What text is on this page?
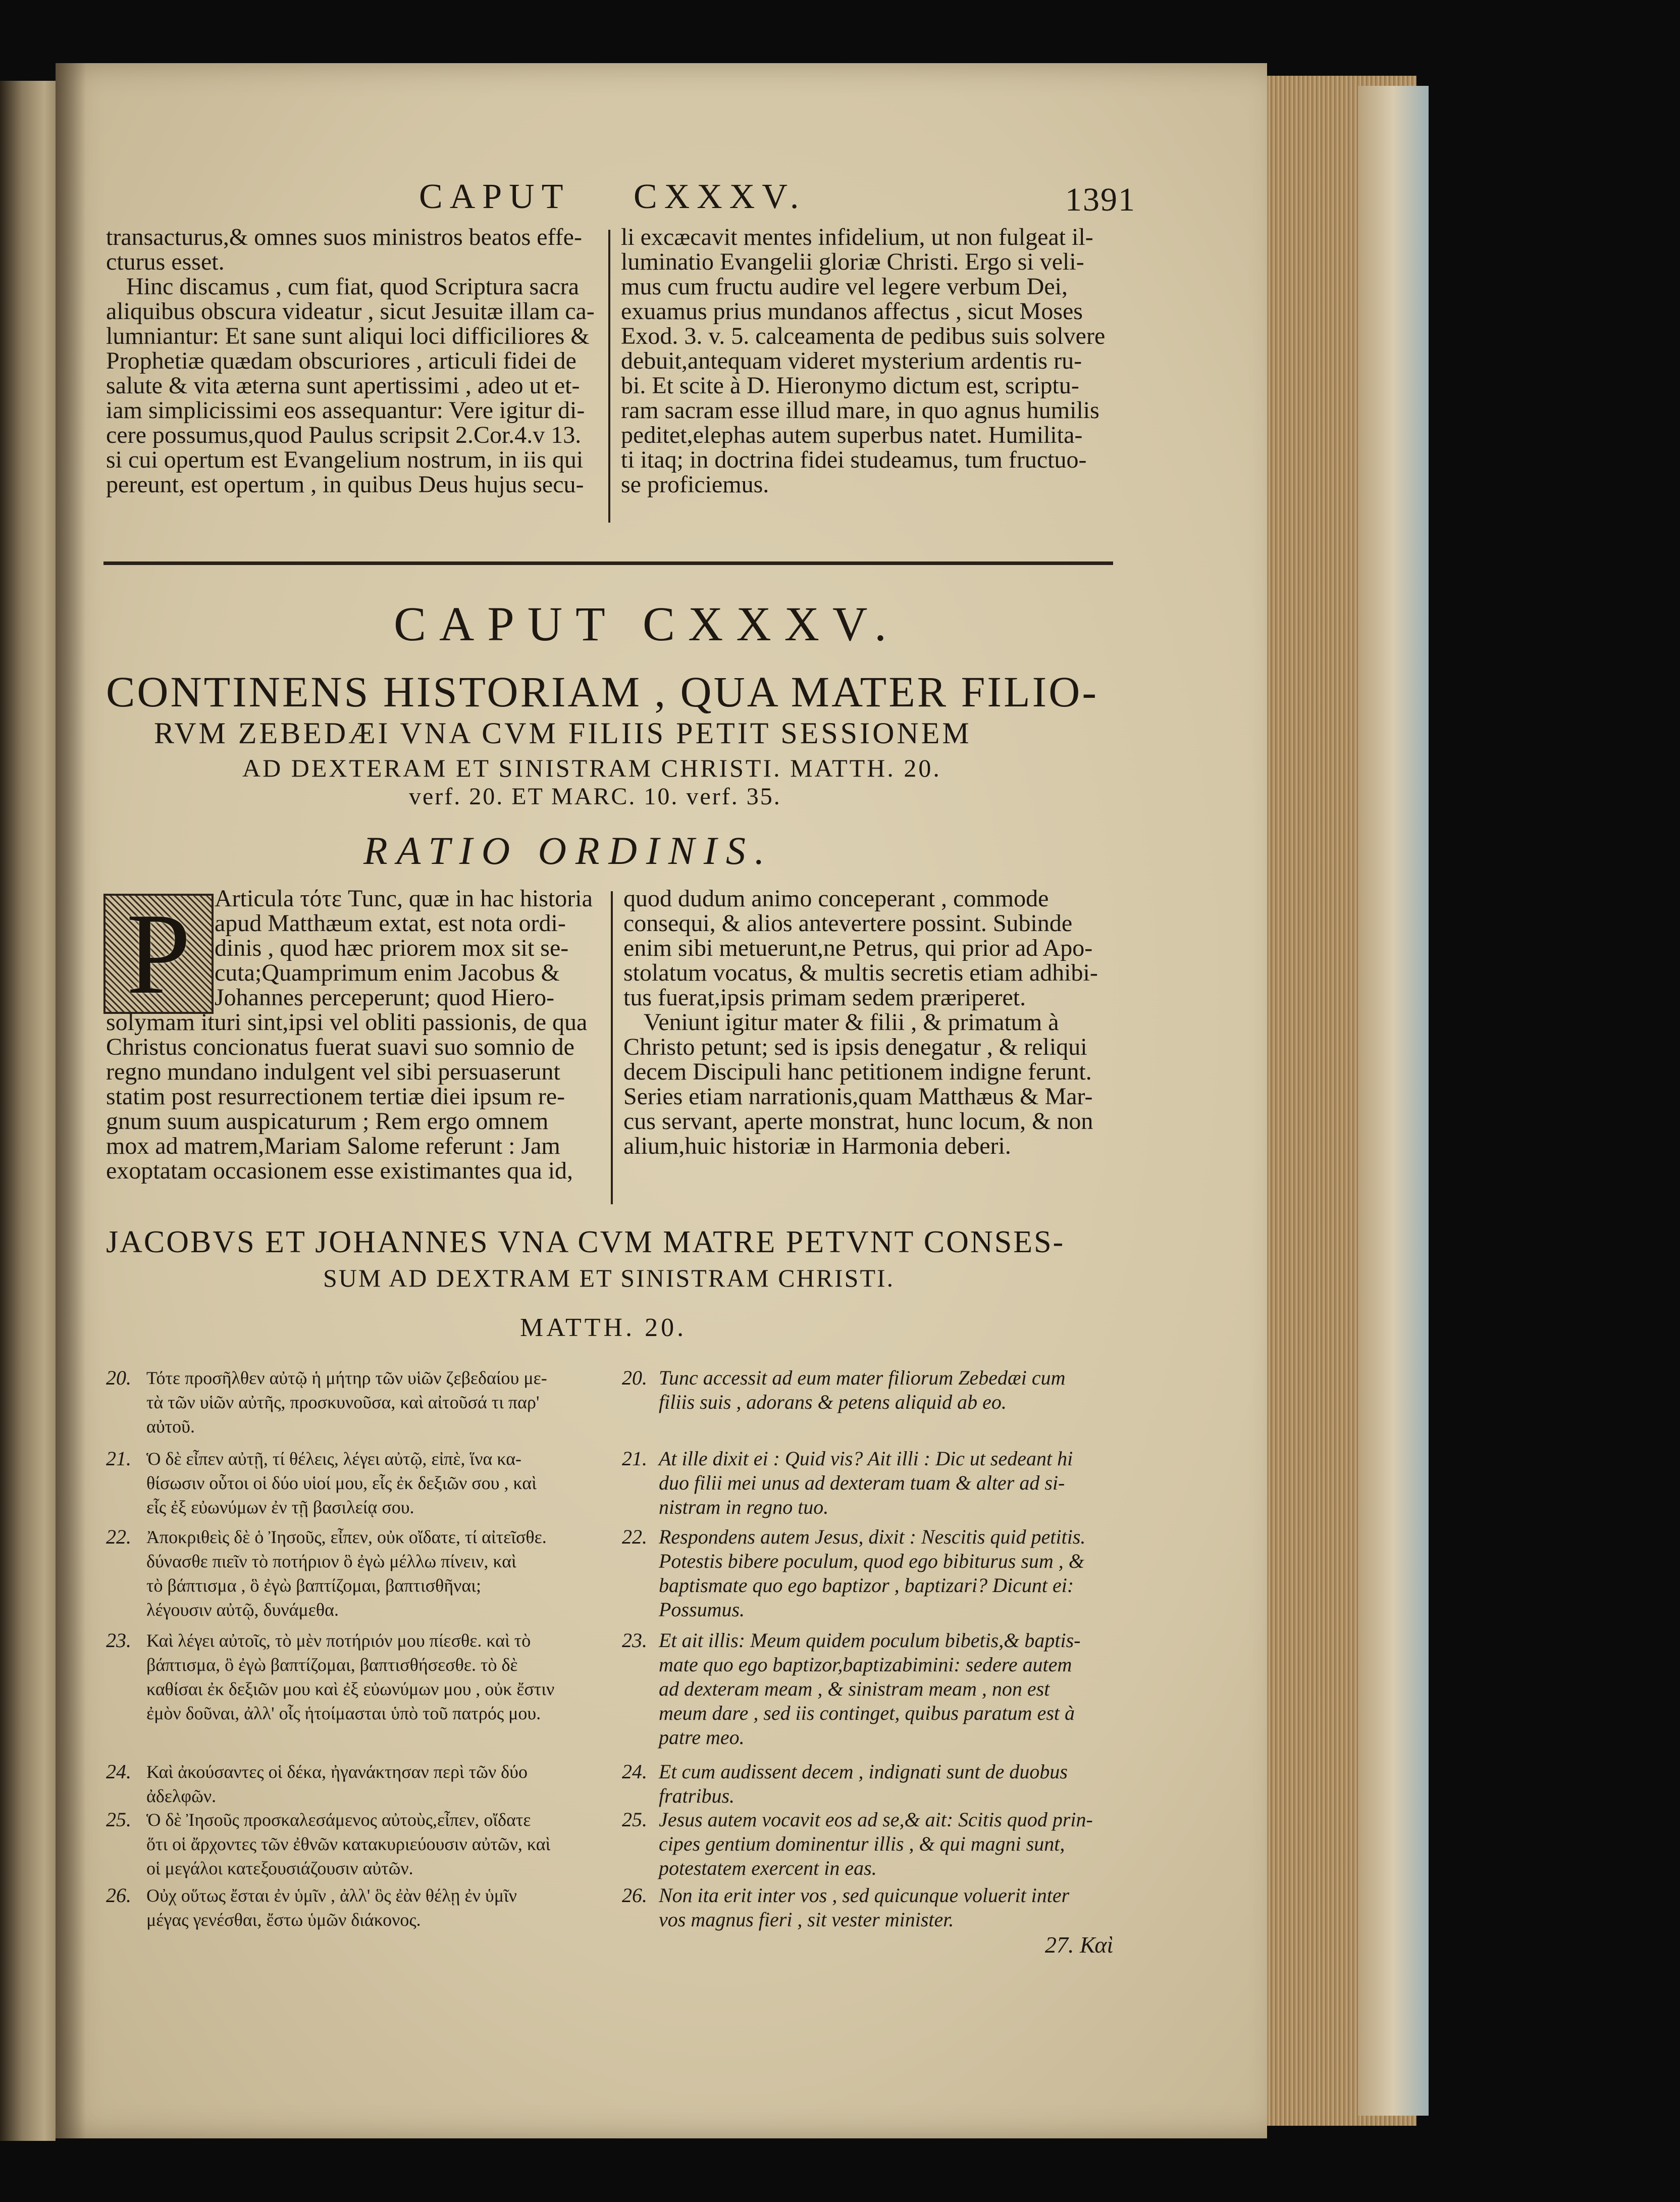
CAPUT CXXXV.	1391
transacturus,& omnes suos ministros beatos effe-
cturus esset.
Hinc discamus , cum fiat, quod Scriptura sacra
aliquibus obscura videatur , sicut Jesuitæ illam ca-
lumniantur: Et sane sunt aliqui loci difficiliores &
Prophetiæ quædam obscuriores , articuli fidei de
salute & vita æterna sunt apertissimi , adeo ut et-
iam simplicissimi eos assequantur: Vere igitur di-
cere possumus,quod Paulus scripsit 2.Cor.4.v 13.
si cui opertum est Evangelium nostrum, in iis qui
pereunt, est opertum , in quibus Deus hujus secu-
li excæcavit mentes infidelium, ut non fulgeat il-
luminatio Evangelii gloriæ Christi. Ergo si veli-
mus cum fructu audire vel legere verbum Dei,
exuamus prius mundanos affectus , sicut Moses
Exod. 3. v. 5. calceamenta de pedibus suis solvere
debuit,antequam videret mysterium ardentis ru-
bi. Et scite à D. Hieronymo dictum est, scriptu-
ram sacram esse illud mare, in quo agnus humilis
peditet,elephas autem superbus natet. Humilita-
ti itaq; in doctrina fidei studeamus, tum fructuo-
se proficiemus.
CAPUT CXXXV.
CONTINENS HISTORIAM , QUA MATER FILIO-
RVM ZEBEDÆI VNA CVM FILIIS PETIT SESSIONEM
AD DEXTERAM ET SINISTRAM CHRISTI. MATTH. 20.
verf. 20. ET MARC. 10. verf. 35.
RATIO ORDINIS.
P Articula τότε Tunc, quæ in hac historia
apud Matthæum extat, est nota ordi-
dinis , quod hæc priorem mox sit se-
cuta;Quamprimum enim Jacobus &
Johannes perceperunt; quod Hiero-
solymam ituri sint,ipsi vel obliti passionis, de qua
Christus concionatus fuerat suavi suo somnio de
regno mundano indulgent vel sibi persuaserunt
statim post resurrectionem tertiæ diei ipsum re-
gnum suum auspicaturum ; Rem ergo omnem
mox ad matrem,Mariam Salome referunt : Jam
exoptatam occasionem esse existimantes qua id,
quod dudum animo conceperant , commode
consequi, & alios antevertere possint. Subinde
enim sibi metuerunt,ne Petrus, qui prior ad Apo-
stolatum vocatus, & multis secretis etiam adhibi-
tus fuerat,ipsis primam sedem præriperet.
Veniunt igitur mater & filii , & primatum à
Christo petunt; sed is ipsis denegatur , & reliqui
decem Discipuli hanc petitionem indigne ferunt.
Series etiam narrationis,quam Matthæus & Mar-
cus servant, aperte monstrat, hunc locum, & non
alium,huic historiæ in Harmonia deberi.
JACOBVS ET JOHANNES VNA CVM MATRE PETVNT CONSES-
SUM AD DEXTRAM ET SINISTRAM CHRISTI.
MATTH. 20.
20. Τότε προσῆλθεν αὐτῷ ἡ μήτηρ τῶν υἱῶν ζεβεδαίου με-
τὰ τῶν υἱῶν αὐτῆς, προσκυνοῦσα, καὶ αἰτοῦσά τι παρ'
αὐτοῦ.
20. Tunc accessit ad eum mater filiorum Zebedæi cum
filiis suis , adorans & petens aliquid ab eo.
21. Ὁ δὲ εἶπεν αὐτῇ, τί θέλεις, λέγει αὐτῷ, εἰπὲ, ἵνα κα-
θίσωσιν οὗτοι οἱ δύο υἱοί μου, εἷς ἐκ δεξιῶν σου , καὶ
εἷς ἐξ εὐωνύμων ἐν τῇ βασιλείᾳ σου.
21. At ille dixit ei : Quid vis? Ait illi : Dic ut sedeant hi
duo filii mei unus ad dexteram tuam & alter ad si-
nistram in regno tuo.
22. Ἀποκριθεὶς δὲ ὁ Ἰησοῦς, εἶπεν, οὐκ οἴδατε, τί αἰτεῖσθε.
δύνασθε πιεῖν τὸ ποτήριον ὃ ἐγὼ μέλλω πίνειν, καὶ
τὸ βάπτισμα , ὃ ἐγὼ βαπτίζομαι, βαπτισθῆναι;
λέγουσιν αὐτῷ, δυνάμεθα.
22. Respondens autem Jesus, dixit : Nescitis quid petitis.
Potestis bibere poculum, quod ego bibiturus sum , &
baptismate quo ego baptizor , baptizari? Dicunt ei:
Possumus.
23. Καὶ λέγει αὐτοῖς, τὸ μὲν ποτήριόν μου πίεσθε. καὶ τὸ
βάπτισμα, ὃ ἐγὼ βαπτίζομαι, βαπτισθήσεσθε. τὸ δὲ
καθίσαι ἐκ δεξιῶν μου καὶ ἐξ εὐωνύμων μου , οὐκ ἔστιν
ἐμὸν δοῦναι, ἀλλ' οἷς ἡτοίμασται ὑπὸ τοῦ πατρός μου.
23. Et ait illis: Meum quidem poculum bibetis,& baptis-
mate quo ego baptizor,baptizabimini: sedere autem
ad dexteram meam , & sinistram meam , non est
meum dare , sed iis continget, quibus paratum est à
patre meo.
24. Καὶ ἀκούσαντες οἱ δέκα, ἠγανάκτησαν περὶ τῶν δύο
ἀδελφῶν.
24. Et cum audissent decem , indignati sunt de duobus
fratribus.
25. Ὁ δὲ Ἰησοῦς προσκαλεσάμενος αὐτοὺς,εἶπεν, οἴδατε
ὅτι οἱ ἄρχοντες τῶν ἐθνῶν κατακυριεύουσιν αὐτῶν, καὶ
οἱ μεγάλοι κατεξουσιάζουσιν αὐτῶν.
25. Jesus autem vocavit eos ad se,& ait: Scitis quod prin-
cipes gentium dominentur illis , & qui magni sunt,
potestatem exercent in eas.
26. Οὐχ οὕτως ἔσται ἐν ὑμῖν , ἀλλ' ὃς ἐὰν θέλῃ ἐν ὑμῖν
μέγας γενέσθαι, ἔστω ὑμῶν διάκονος.
26. Non ita erit inter vos , sed quicunque voluerit inter
vos magnus fieri , sit vester minister.
27. Καὶ
